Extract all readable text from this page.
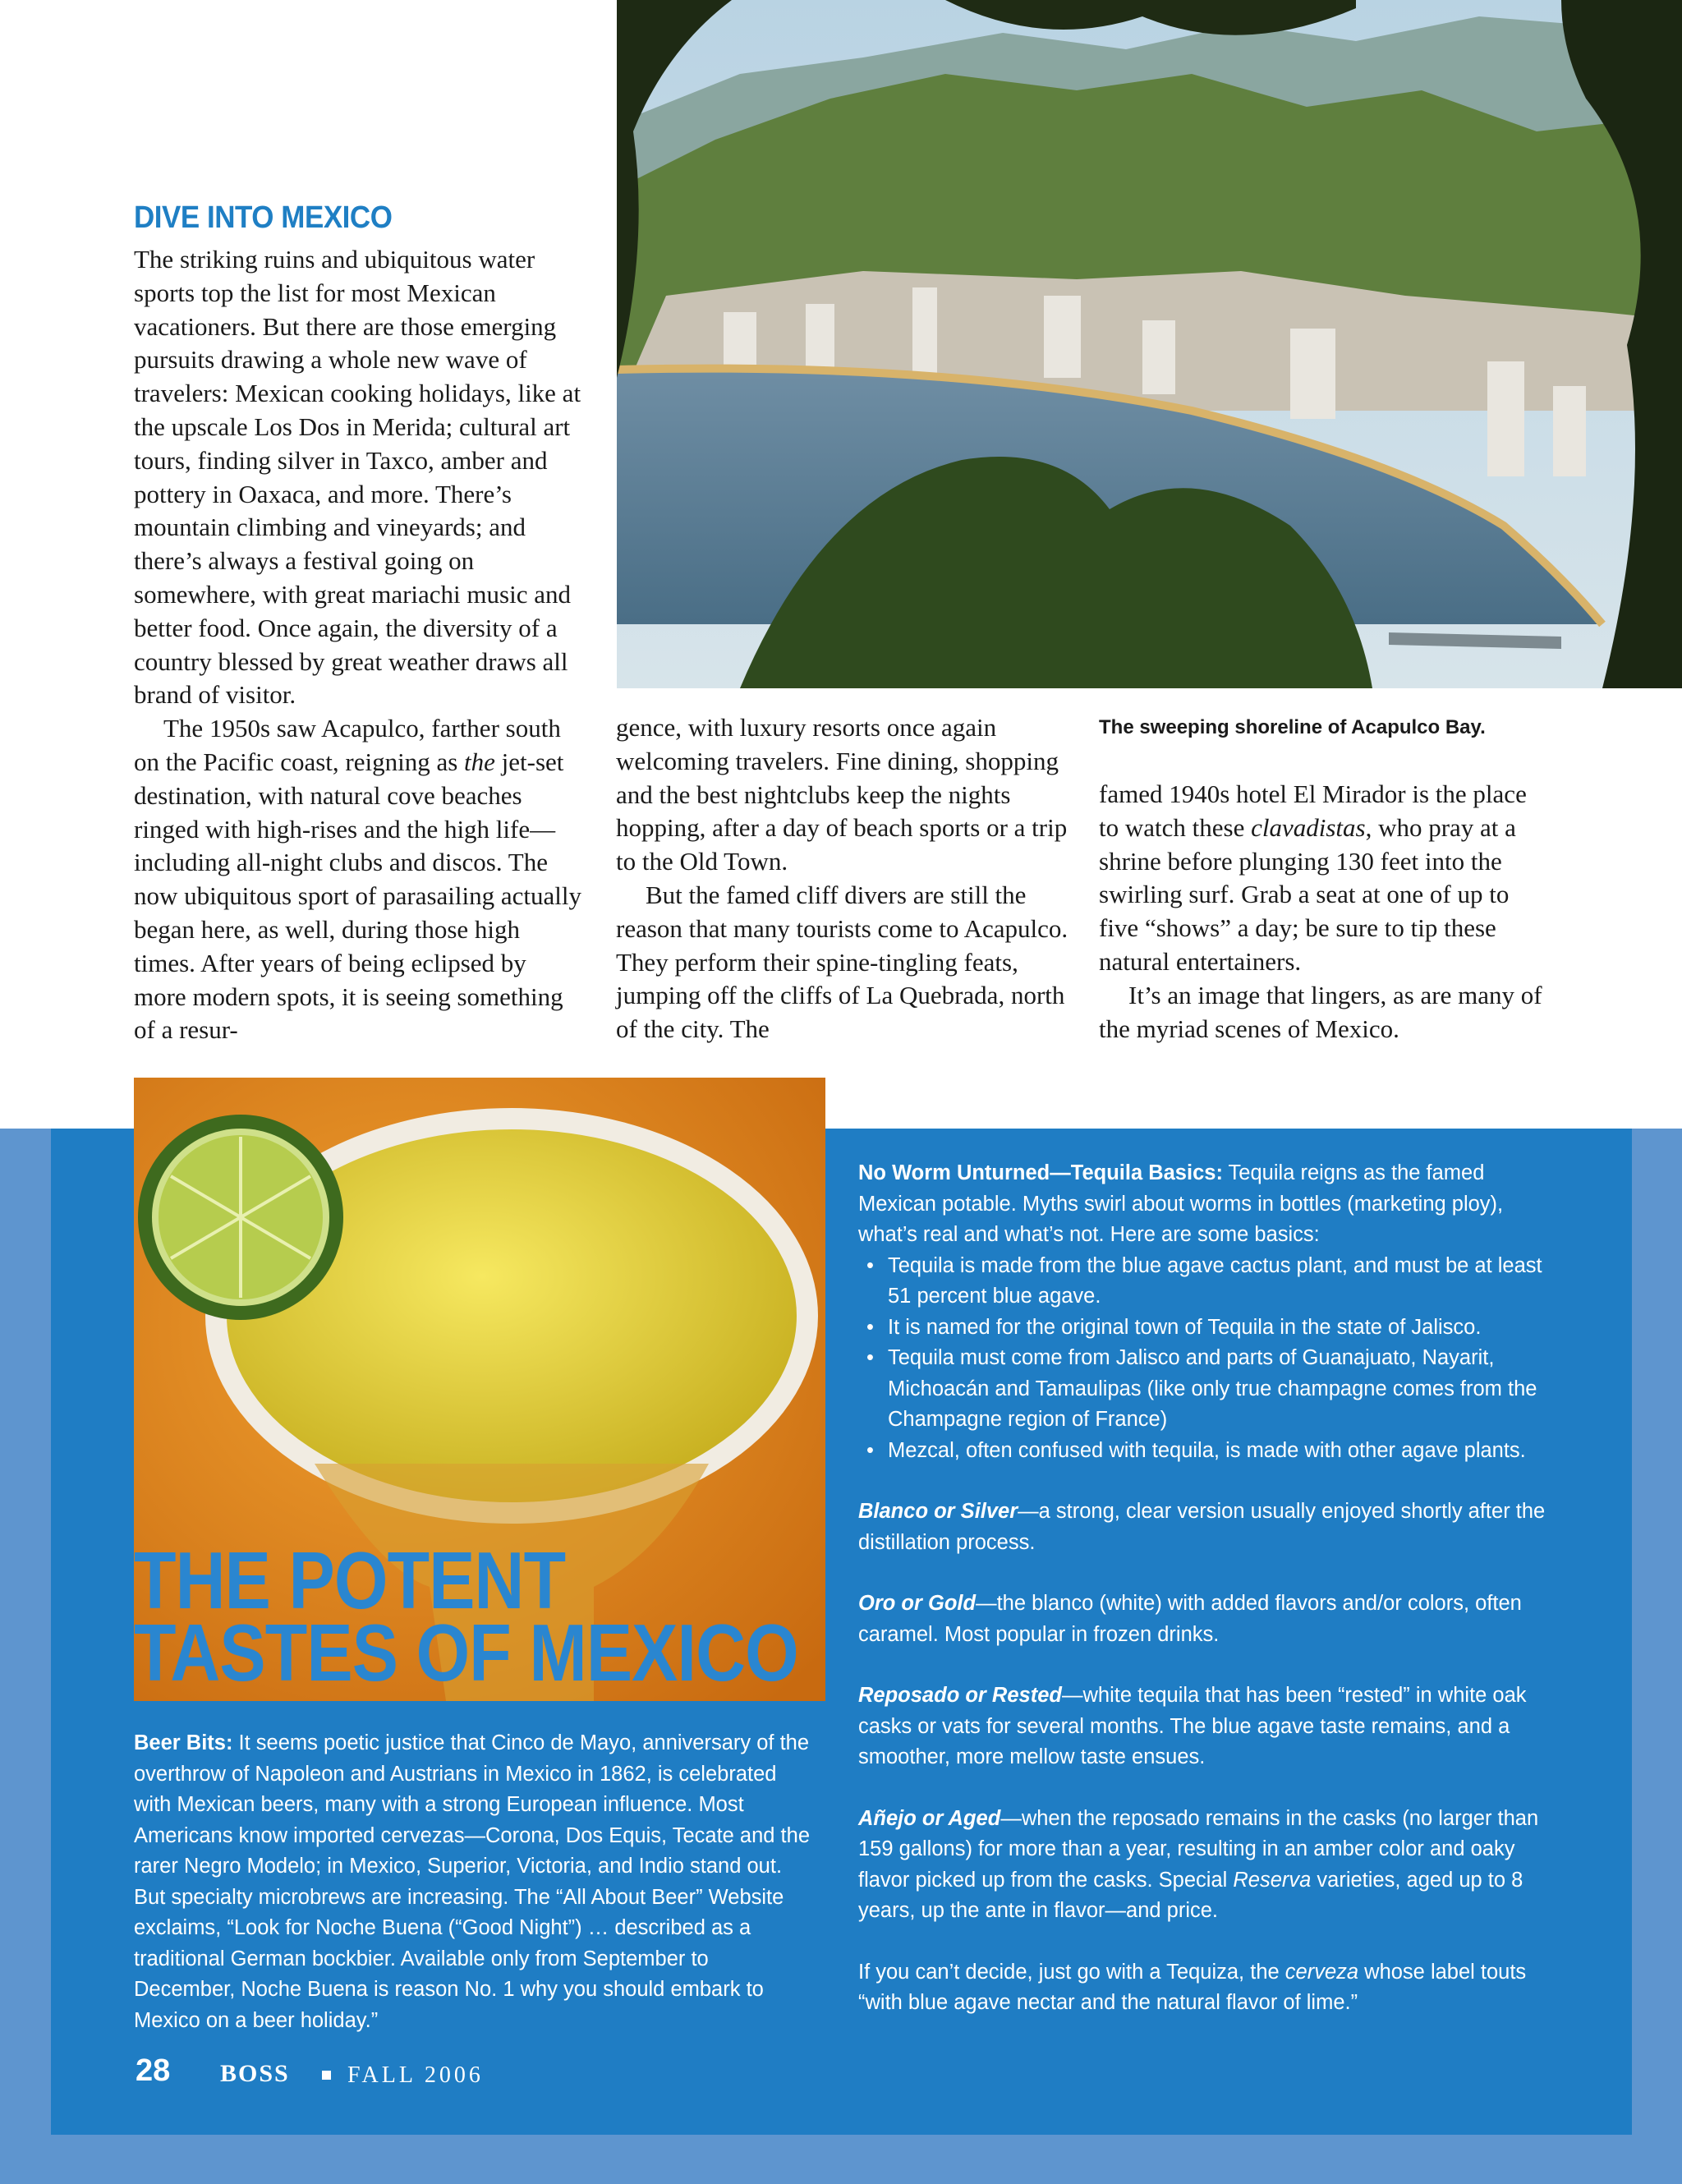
DIVE INTO MEXICO

The striking ruins and ubiquitous water sports top the list for most Mexican vacationers. But there are those emerging pursuits drawing a whole new wave of travelers: Mexican cooking holidays, like at the upscale Los Dos in Merida; cultural art tours, finding silver in Taxco, amber and pottery in Oaxaca, and more. There’s mountain climbing and vineyards; and there’s always a festival going on somewhere, with great mariachi music and better food. Once again, the diversity of a country blessed by great weather draws all brand of visitor.

The 1950s saw Acapulco, farther south on the Pacific coast, reigning as the jet-set destination, with natural cove beaches ringed with high-rises and the high life—including all-night clubs and discos. The now ubiquitous sport of parasailing actually began here, as well, during those high times. After years of being eclipsed by more modern spots, it is seeing something of a resur-

gence, with luxury resorts once again welcoming travelers. Fine dining, shopping and the best nightclubs keep the nights hopping, after a day of beach sports or a trip to the Old Town.

But the famed cliff divers are still the reason that many tourists come to Acapulco. They perform their spine-tingling feats, jumping off the cliffs of La Quebrada, north of the city. The

The sweeping shoreline of Acapulco Bay.

famed 1940s hotel El Mirador is the place to watch these clavadistas, who pray at a shrine before plunging 130 feet into the swirling surf. Grab a seat at one of up to five “shows” a day; be sure to tip these natural entertainers.

It’s an image that lingers, as are many of the myriad scenes of Mexico.

THE POTENT
TASTES OF MEXICO

Beer Bits: It seems poetic justice that Cinco de Mayo, anniversary of the overthrow of Napoleon and Austrians in Mexico in 1862, is celebrated with Mexican beers, many with a strong European influence. Most Americans know imported cervezas—Corona, Dos Equis, Tecate and the rarer Negro Modelo; in Mexico, Superior, Victoria, and Indio stand out. But specialty microbrews are increasing. The “All About Beer” Website exclaims, “Look for Noche Buena (“Good Night”) … described as a traditional German bockbier. Available only from September to December, Noche Buena is reason No. 1 why you should embark to Mexico on a beer holiday.”

No Worm Unturned—Tequila Basics: Tequila reigns as the famed Mexican potable. Myths swirl about worms in bottles (marketing ploy), what’s real and what’s not. Here are some basics:

• Tequila is made from the blue agave cactus plant, and must be at least 51 percent blue agave.
• It is named for the original town of Tequila in the state of Jalisco.
• Tequila must come from Jalisco and parts of Guanajuato, Nayarit, Michoacán and Tamaulipas (like only true champagne comes from the Champagne region of France)
• Mezcal, often confused with tequila, is made with other agave plants.

Blanco or Silver—a strong, clear version usually enjoyed shortly after the distillation process.

Oro or Gold—the blanco (white) with added flavors and/or colors, often caramel. Most popular in frozen drinks.

Reposado or Rested—white tequila that has been “rested” in white oak casks or vats for several months. The blue agave taste remains, and a smoother, more mellow taste ensues.

Añejo or Aged—when the reposado remains in the casks (no larger than 159 gallons) for more than a year, resulting in an amber color and oaky flavor picked up from the casks. Special Reserva varieties, aged up to 8 years, up the ante in flavor—and price.

If you can’t decide, just go with a Tequiza, the cerveza whose label touts “with blue agave nectar and the natural flavor of lime.”

28 BOSS	FALL 2006
